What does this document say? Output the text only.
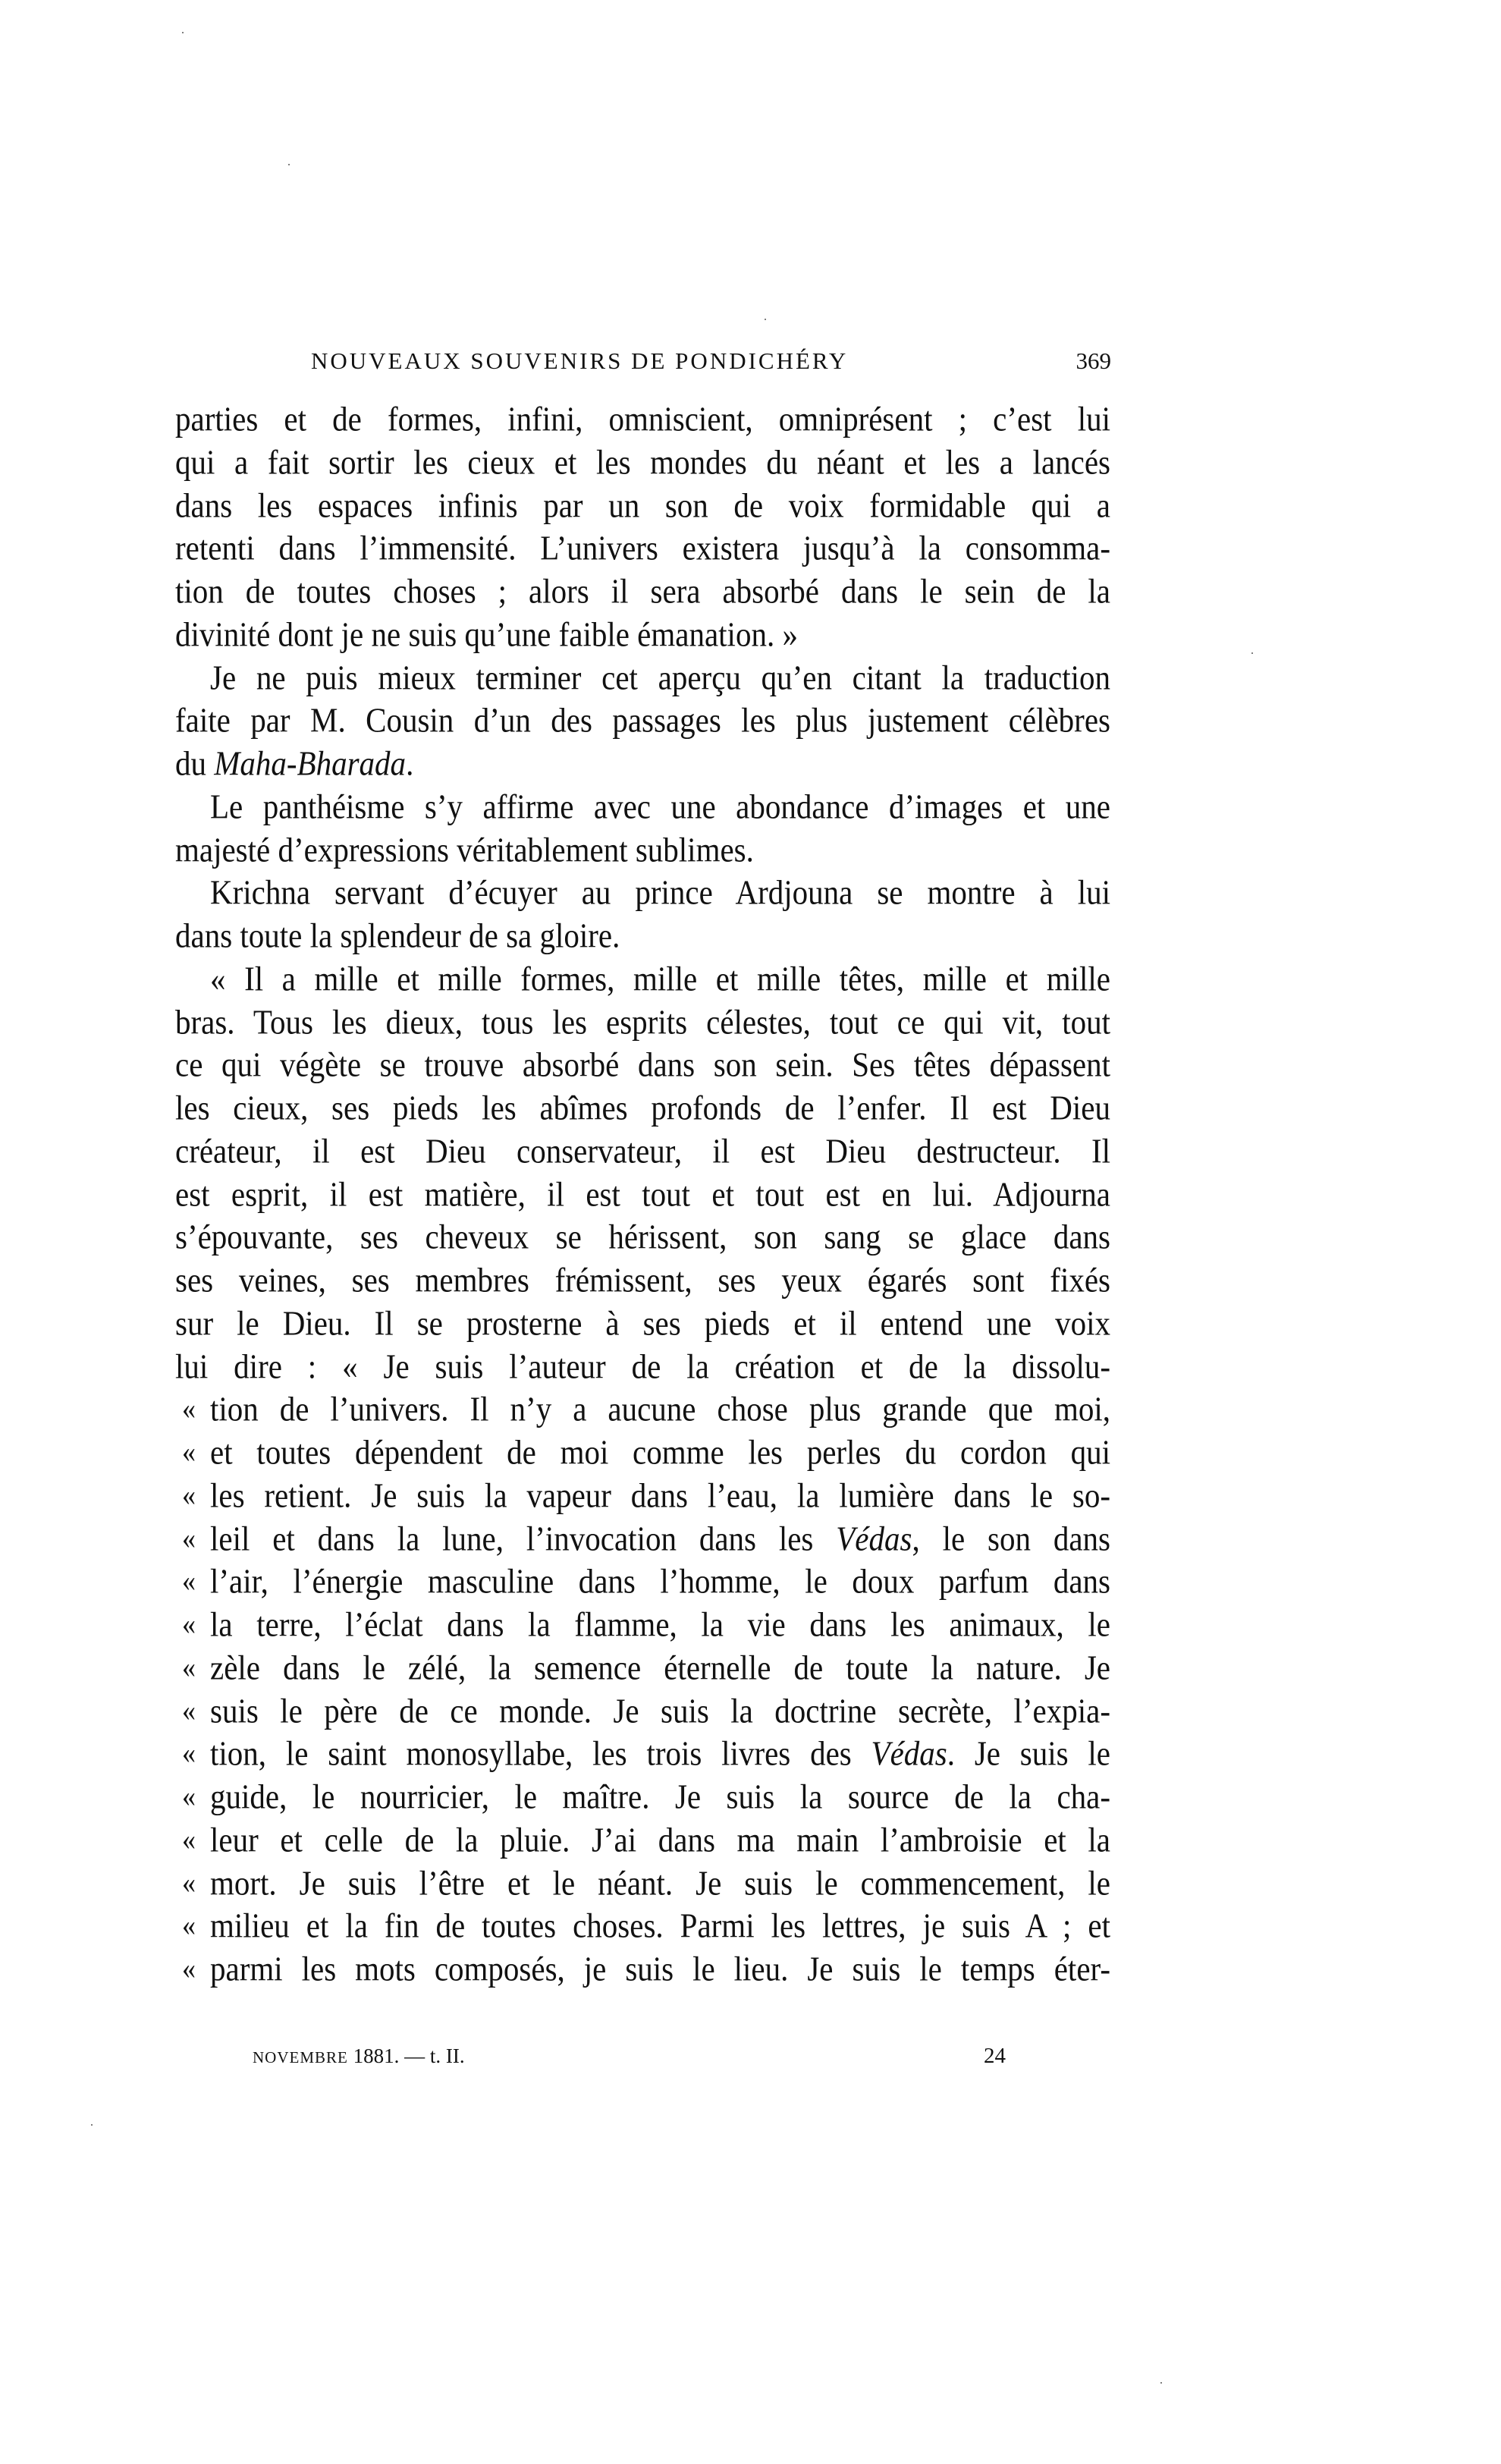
NOUVEAUX SOUVENIRS DE PONDICHÉRY	369
parties et de formes, infini, omniscient, omniprésent ; c’est lui
qui a fait sortir les cieux et les mondes du néant et les a lancés
dans les espaces infinis par un son de voix formidable qui a
retenti dans l’immensité. L’univers existera jusqu’à la consomma-
tion de toutes choses ; alors il sera absorbé dans le sein de la
divinité dont je ne suis qu’une faible émanation. »
Je ne puis mieux terminer cet aperçu qu’en citant la traduction
faite par M. Cousin d’un des passages les plus justement célèbres
du Maha-Bharada.
Le panthéisme s’y affirme avec une abondance d’images et une
majesté d’expressions véritablement sublimes.
Krichna servant d’écuyer au prince Ardjouna se montre à lui
dans toute la splendeur de sa gloire.
« Il a mille et mille formes, mille et mille têtes, mille et mille
bras. Tous les dieux, tous les esprits célestes, tout ce qui vit, tout
ce qui végète se trouve absorbé dans son sein. Ses têtes dépassent
les cieux, ses pieds les abîmes profonds de l’enfer. Il est Dieu
créateur, il est Dieu conservateur, il est Dieu destructeur. Il
est esprit, il est matière, il est tout et tout est en lui. Adjourna
s’épouvante, ses cheveux se hérissent, son sang se glace dans
ses veines, ses membres frémissent, ses yeux égarés sont fixés
sur le Dieu. Il se prosterne à ses pieds et il entend une voix
lui dire : « Je suis l’auteur de la création et de la dissolu-
« tion de l’univers. Il n’y a aucune chose plus grande que moi,
« et toutes dépendent de moi comme les perles du cordon qui
« les retient. Je suis la vapeur dans l’eau, la lumière dans le so-
« leil et dans la lune, l’invocation dans les Védas, le son dans
« l’air, l’énergie masculine dans l’homme, le doux parfum dans
« la terre, l’éclat dans la flamme, la vie dans les animaux, le
« zèle dans le zélé, la semence éternelle de toute la nature. Je
« suis le père de ce monde. Je suis la doctrine secrète, l’expia-
« tion, le saint monosyllabe, les trois livres des Védas. Je suis le
« guide, le nourricier, le maître. Je suis la source de la cha-
« leur et celle de la pluie. J’ai dans ma main l’ambroisie et la
« mort. Je suis l’être et le néant. Je suis le commencement, le
« milieu et la fin de toutes choses. Parmi les lettres, je suis A ; et
« parmi les mots composés, je suis le lieu. Je suis le temps éter-
NOVEMBRE 1881. — t. II.	24
